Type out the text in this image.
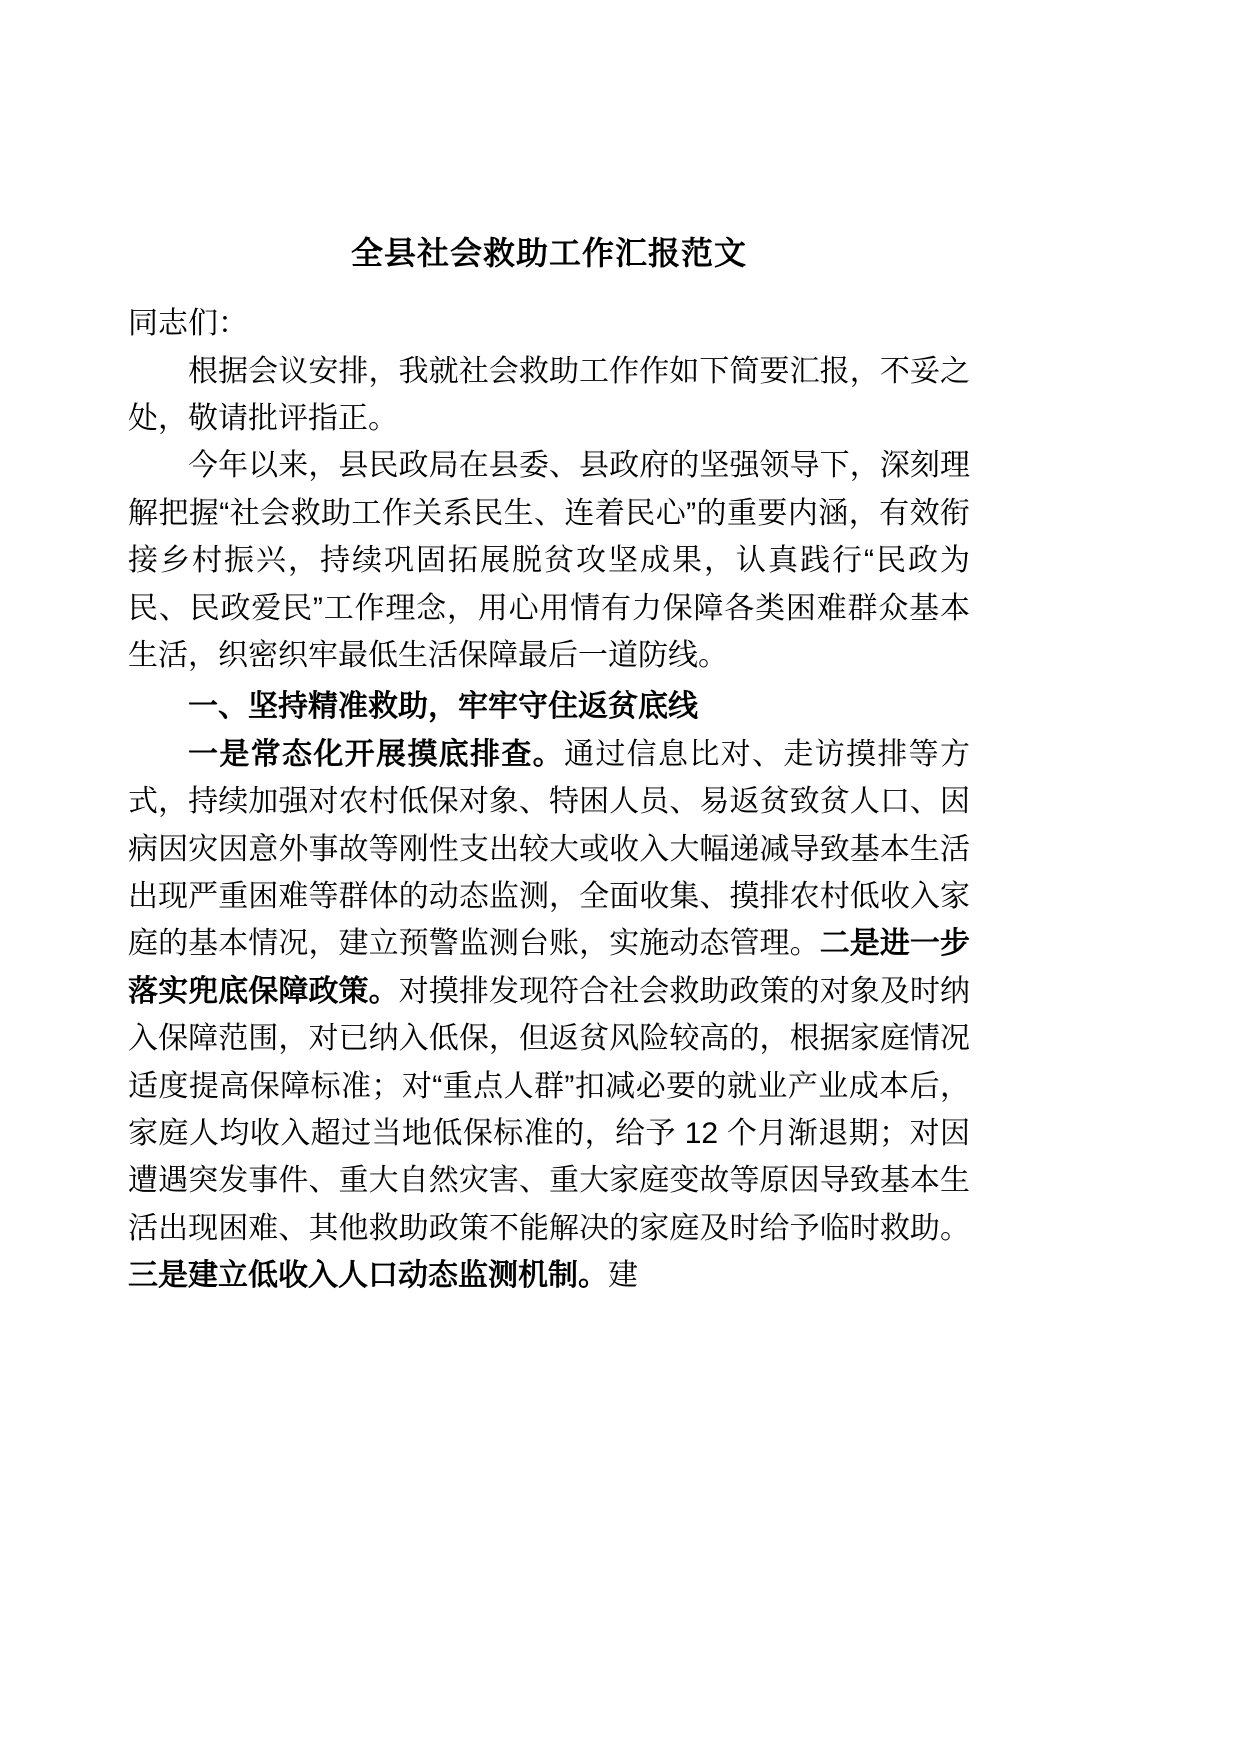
全县社会救助工作汇报范文

同志们：

根据会议安排，我就社会救助工作作如下简要汇报，不妥之处，敬请批评指正。

今年以来，县民政局在县委、县政府的坚强领导下，深刻理解把握“社会救助工作关系民生、连着民心”的重要内涵，有效衔接乡村振兴，持续巩固拓展脱贫攻坚成果，认真践行“民政为民、民政爱民”工作理念，用心用情有力保障各类困难群众基本生活，织密织牢最低生活保障最后一道防线。

一、坚持精准救助，牢牢守住返贫底线

一是常态化开展摸底排查。通过信息比对、走访摸排等方式，持续加强对农村低保对象、特困人员、易返贫致贫人口、因病因灾因意外事故等刚性支出较大或收入大幅递减导致基本生活出现严重困难等群体的动态监测，全面收集、摸排农村低收入家庭的基本情况，建立预警监测台账，实施动态管理。二是进一步落实兜底保障政策。对摸排发现符合社会救助政策的对象及时纳入保障范围，对已纳入低保，但返贫风险较高的，根据家庭情况适度提高保障标准；对“重点人群”扣减必要的就业产业成本后，家庭人均收入超过当地低保标准的，给予 12 个月渐退期；对因遭遇突发事件、重大自然灾害、重大家庭变故等原因导致基本生活出现困难、其他救助政策不能解决的家庭及时给予临时救助。三是建立低收入人口动态监测机制。建
